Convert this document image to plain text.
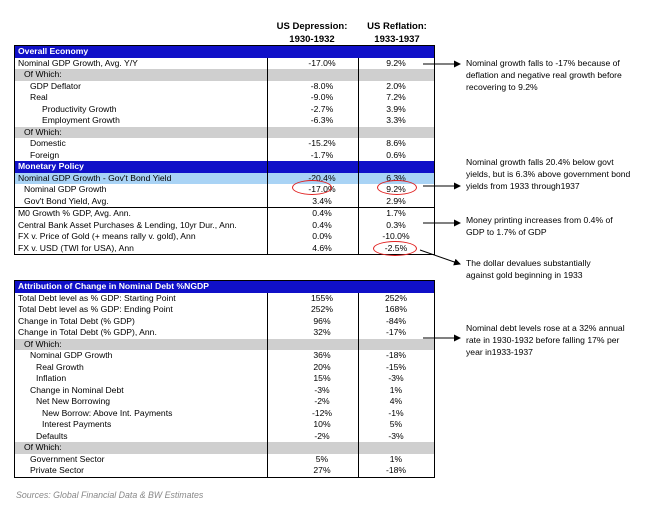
US Depression:
1930-1932
US Reflation:
1933-1937
Overall Economy
Nominal GDP Growth, Avg. Y/Y	-17.0%	9.2%
Of Which:
GDP Deflator	-8.0%	2.0%
Real	-9.0%	7.2%
Productivity Growth	-2.7%	3.9%
Employment Growth	-6.3%	3.3%
Of Which:
Domestic	-15.2%	8.6%
Foreign	-1.7%	0.6%
Monetary Policy
Nominal GDP Growth - Gov't Bond Yield	-20.4%	6.3%
Nominal GDP Growth	-17.0%	9.2%
Gov't Bond Yield, Avg.	3.4%	2.9%
M0 Growth % GDP, Avg. Ann.	0.4%	1.7%
Central Bank Asset Purchases & Lending, 10yr Dur., Ann.	0.4%	0.3%
FX v. Price of Gold (+ means rally v. gold), Ann	0.0%	-10.0%
FX v. USD (TWI for USA), Ann	4.6%	-2.5%
Attribution of Change in Nominal Debt %NGDP
Total Debt level as % GDP: Starting Point	155%	252%
Total Debt level as % GDP: Ending Point	252%	168%
Change in Total Debt (% GDP)	96%	-84%
Change in Total Debt (% GDP), Ann.	32%	-17%
Of Which:
Nominal GDP Growth	36%	-18%
Real Growth	20%	-15%
Inflation	15%	-3%
Change in Nominal Debt	-3%	1%
Net New Borrowing	-2%	4%
New Borrow: Above Int. Payments	-12%	-1%
Interest Payments	10%	5%
Defaults	-2%	-3%
Of Which:
Government Sector	5%	1%
Private Sector	27%	-18%
Nominal growth falls to -17% because of deflation and negative real growth before recovering to 9.2%
Nominal growth falls 20.4% below govt yields, but is 6.3% above government bond yields from 1933 through1937
Money printing increases from 0.4% of GDP to 1.7% of GDP
The dollar devalues substantially against gold beginning in 1933
Nominal debt levels rose at a 32% annual rate in 1930-1932 before falling 17% per year in1933-1937
Sources: Global Financial Data & BW Estimates
